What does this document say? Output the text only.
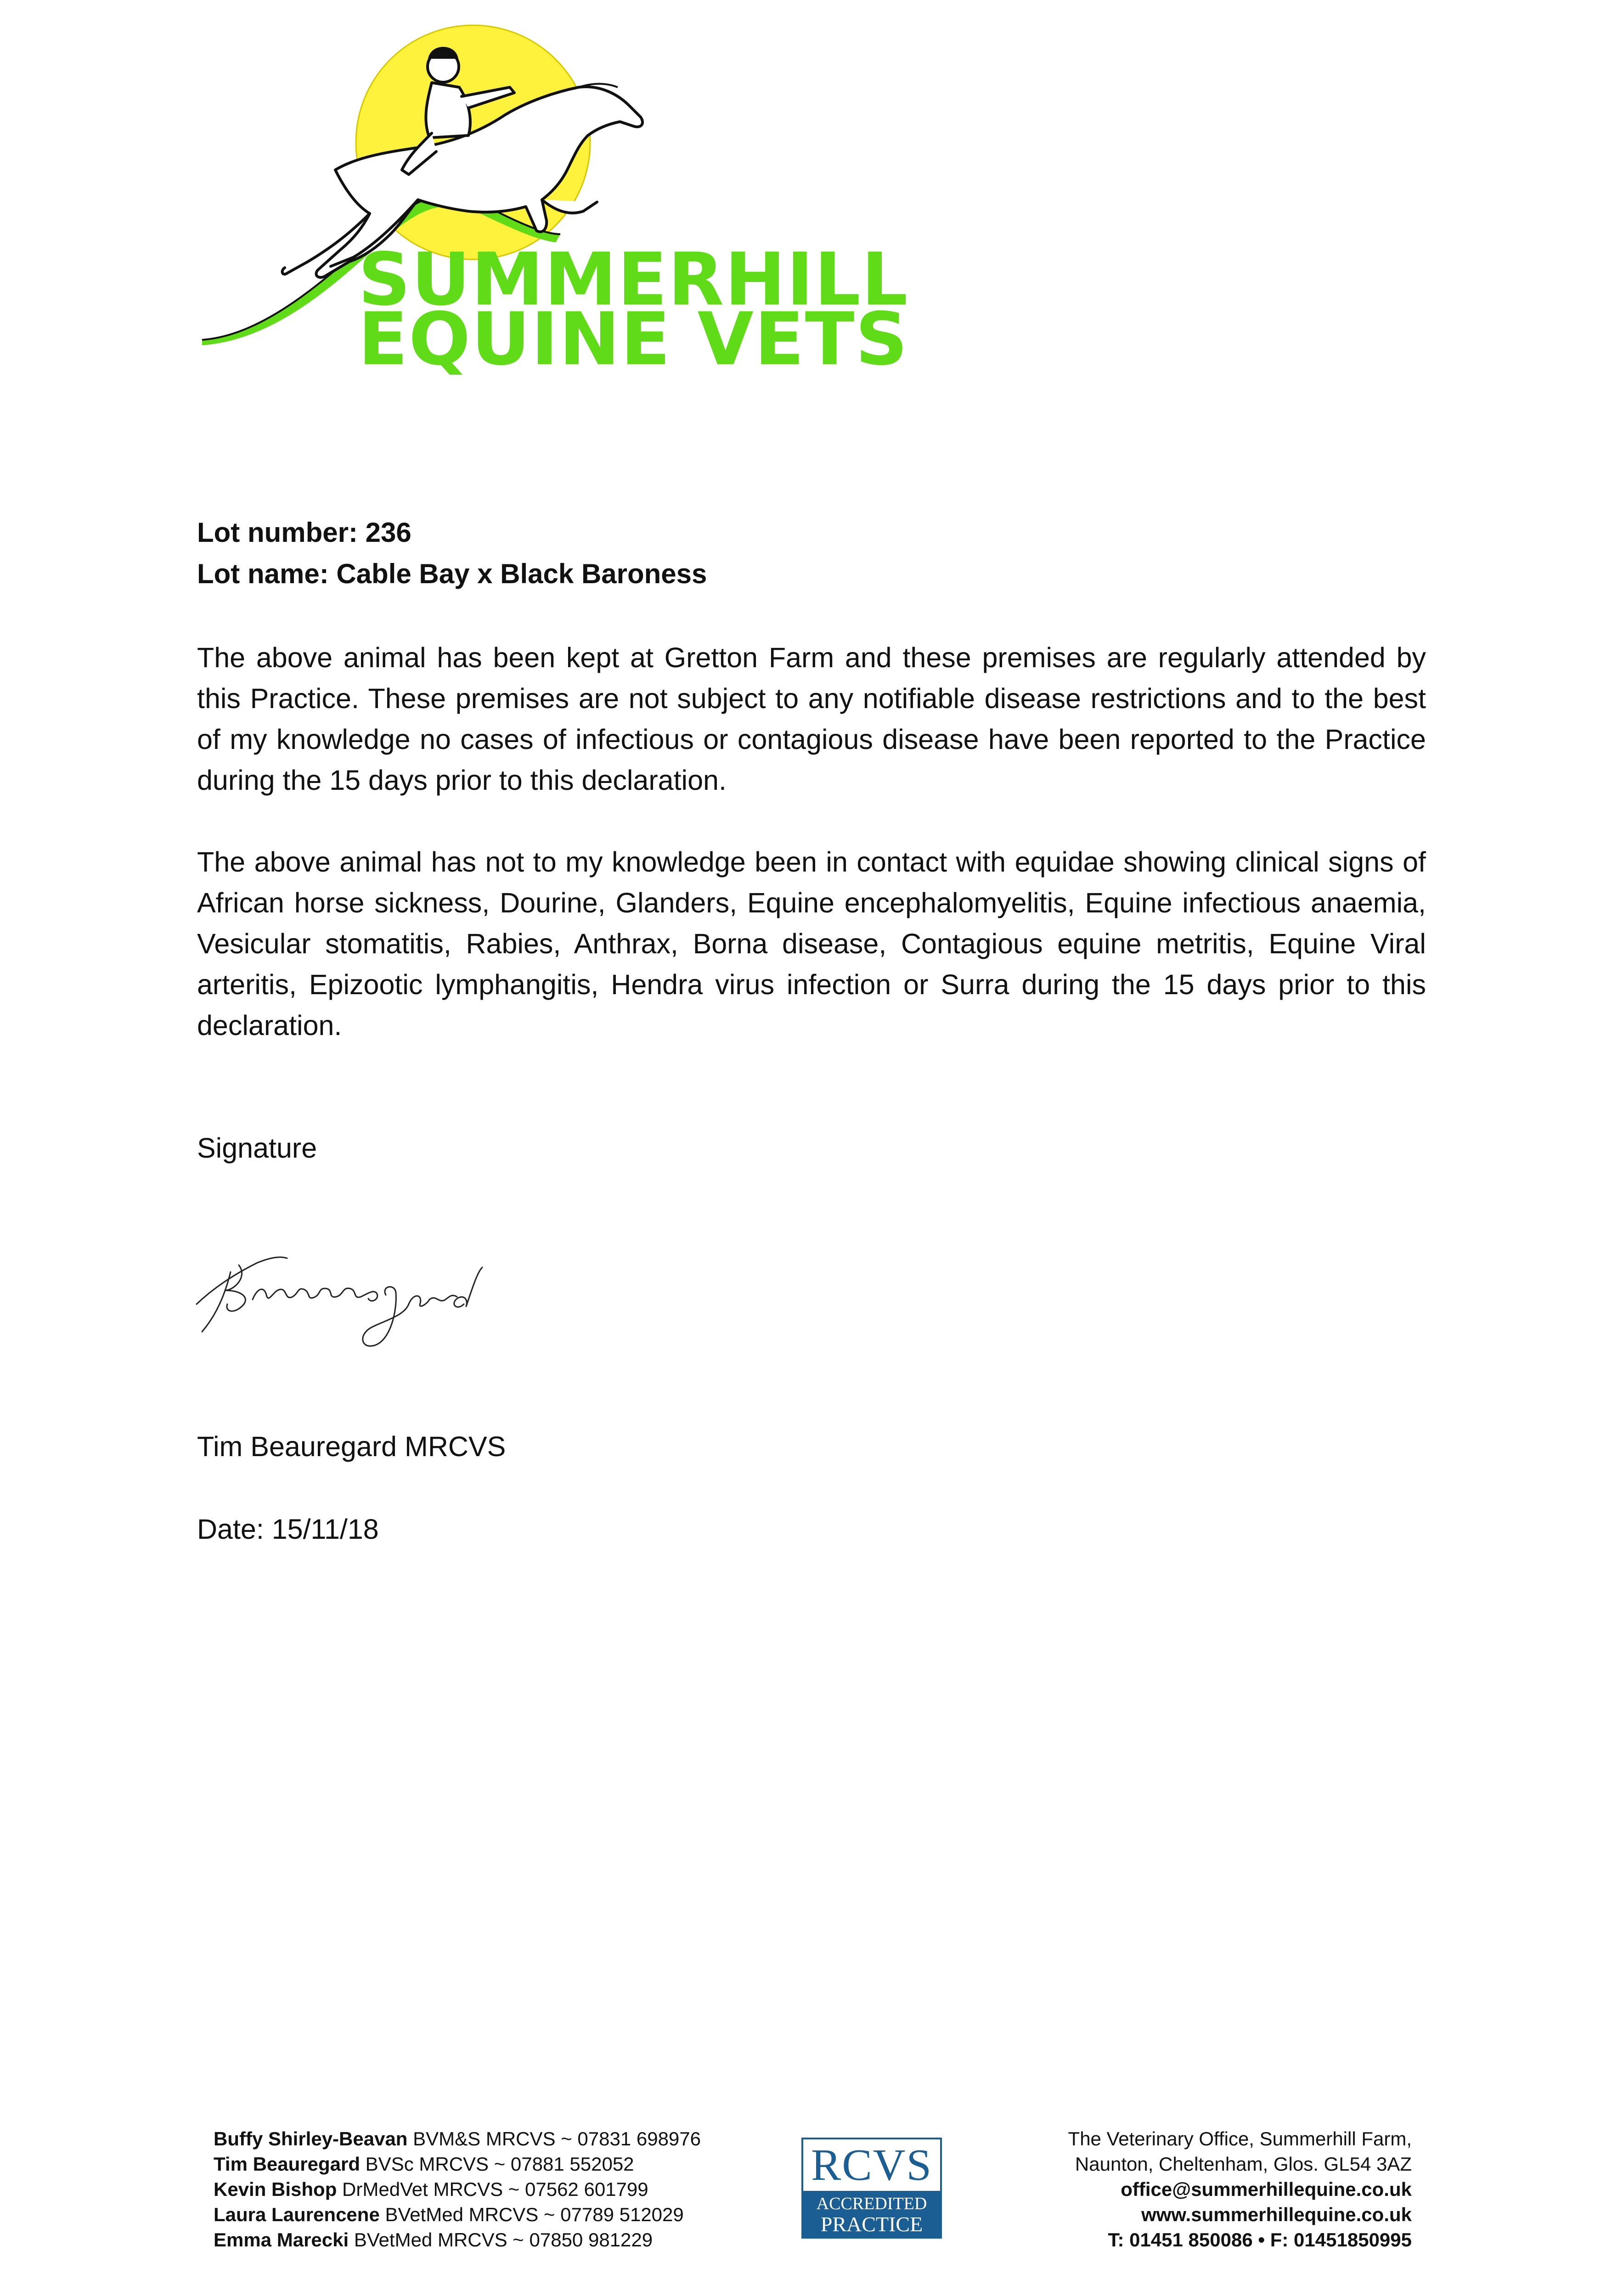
SUMMERHILL
EQUINE VETS
Lot number: 236
Lot name: Cable Bay x Black Baroness

The above animal has been kept at Gretton Farm and these premises are regularly attended by this Practice. These premises are not subject to any notifiable disease restrictions and to the best of my knowledge no cases of infectious or contagious disease have been reported to the Practice during the 15 days prior to this declaration.

The above animal has not to my knowledge been in contact with equidae showing clinical signs of African horse sickness, Dourine, Glanders, Equine encephalomyelitis, Equine infectious anaemia, Vesicular stomatitis, Rabies, Anthrax, Borna disease, Contagious equine metritis, Equine Viral arteritis, Epizootic lymphangitis, Hendra virus infection or Surra during the 15 days prior to this declaration.

Signature
Tim Beauregard MRCVS
Date: 15/11/18
Buffy Shirley-Beavan BVM&S MRCVS ~ 07831 698976
Tim Beauregard BVSc MRCVS ~ 07881 552052
Kevin Bishop DrMedVet MRCVS ~ 07562 601799
Laura Laurencene BVetMed MRCVS ~ 07789 512029
Emma Marecki BVetMed MRCVS ~ 07850 981229
RCVS
ACCREDITED
PRACTICE
The Veterinary Office, Summerhill Farm,
Naunton, Cheltenham, Glos. GL54 3AZ
office@summerhillequine.co.uk
www.summerhillequine.co.uk
T: 01451 850086 • F: 01451850995
